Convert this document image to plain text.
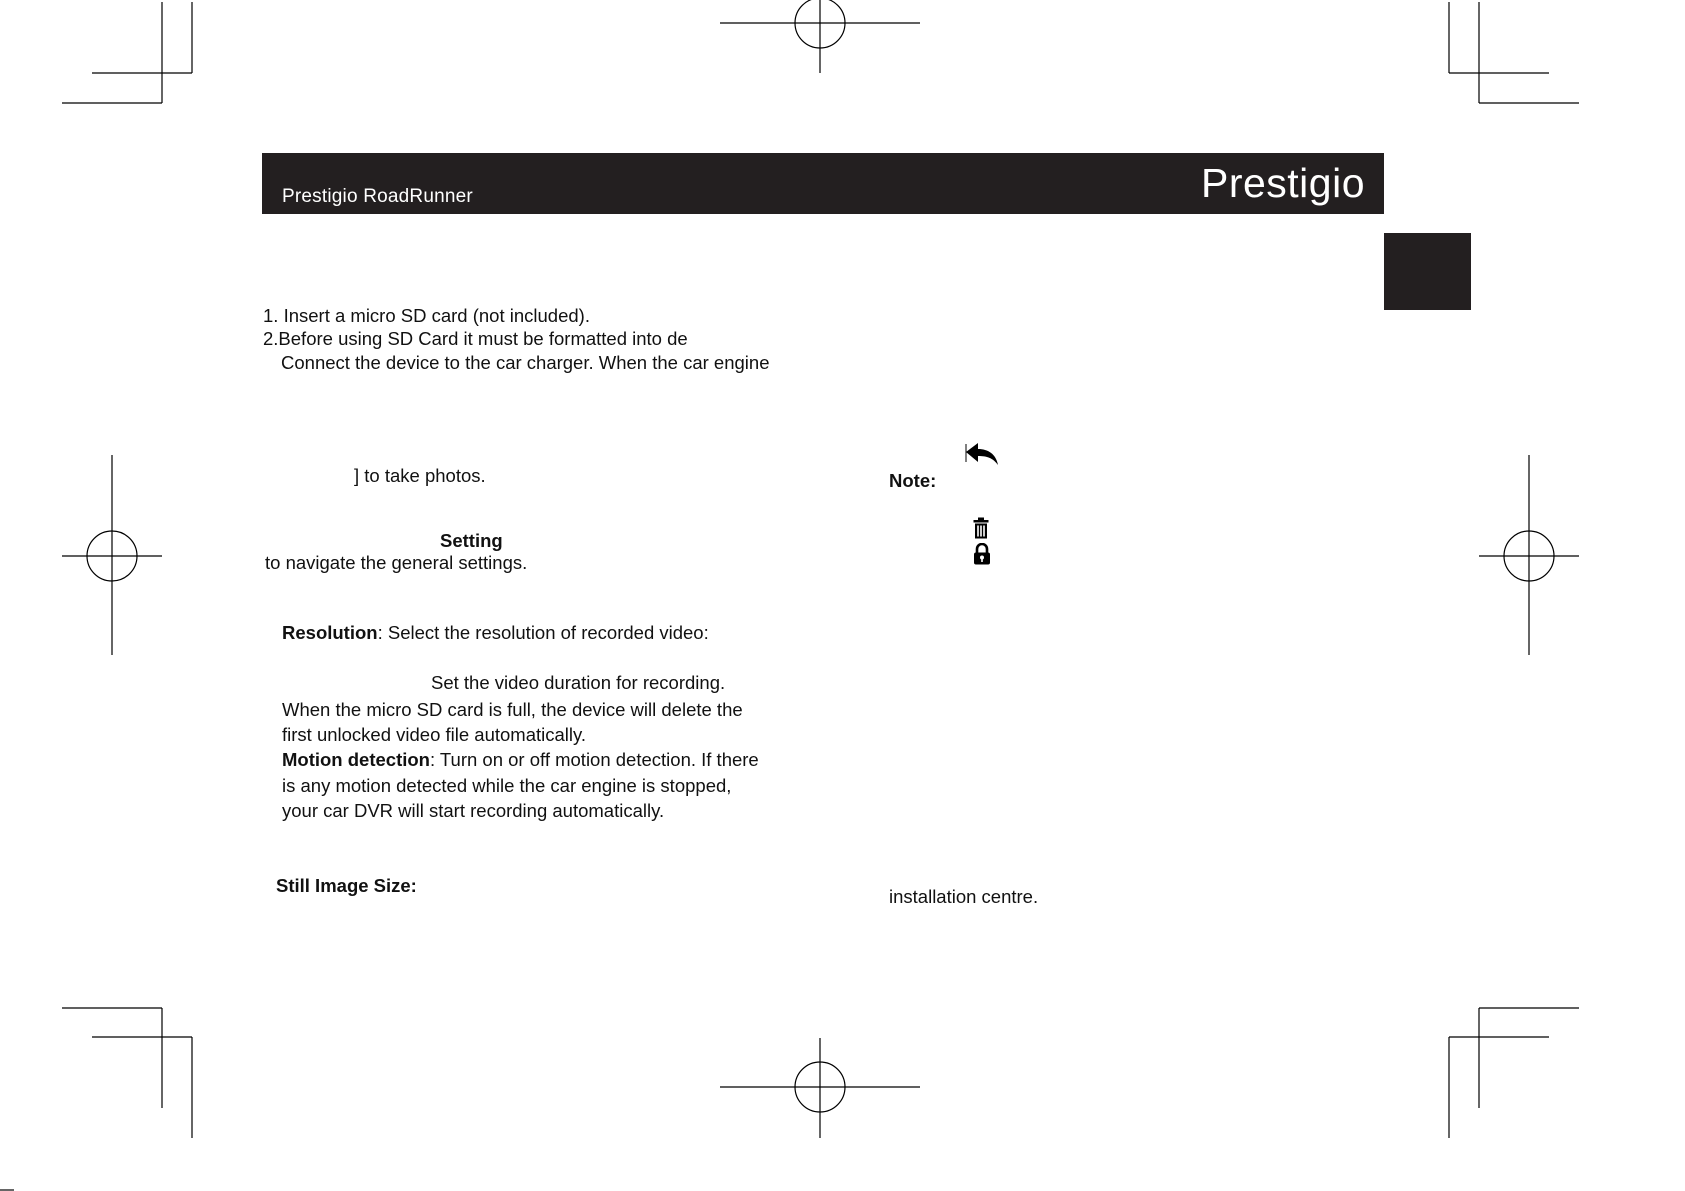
Prestigio RoadRunner	Prestigio
1. Insert a micro SD card (not included).
2.Before using SD Card it must be formatted into de
Connect the device to the car charger. When the car engine
] to take photos.
Setting
to navigate the general settings.
Resolution: Select the resolution of recorded video:
Set the video duration for recording.
When the micro SD card is full, the device will delete the
first unlocked video file automatically.
Motion detection: Turn on or off motion detection. If there
is any motion detected while the car engine is stopped,
your car DVR will start recording automatically.
Still Image Size:
Note:
installation centre.
